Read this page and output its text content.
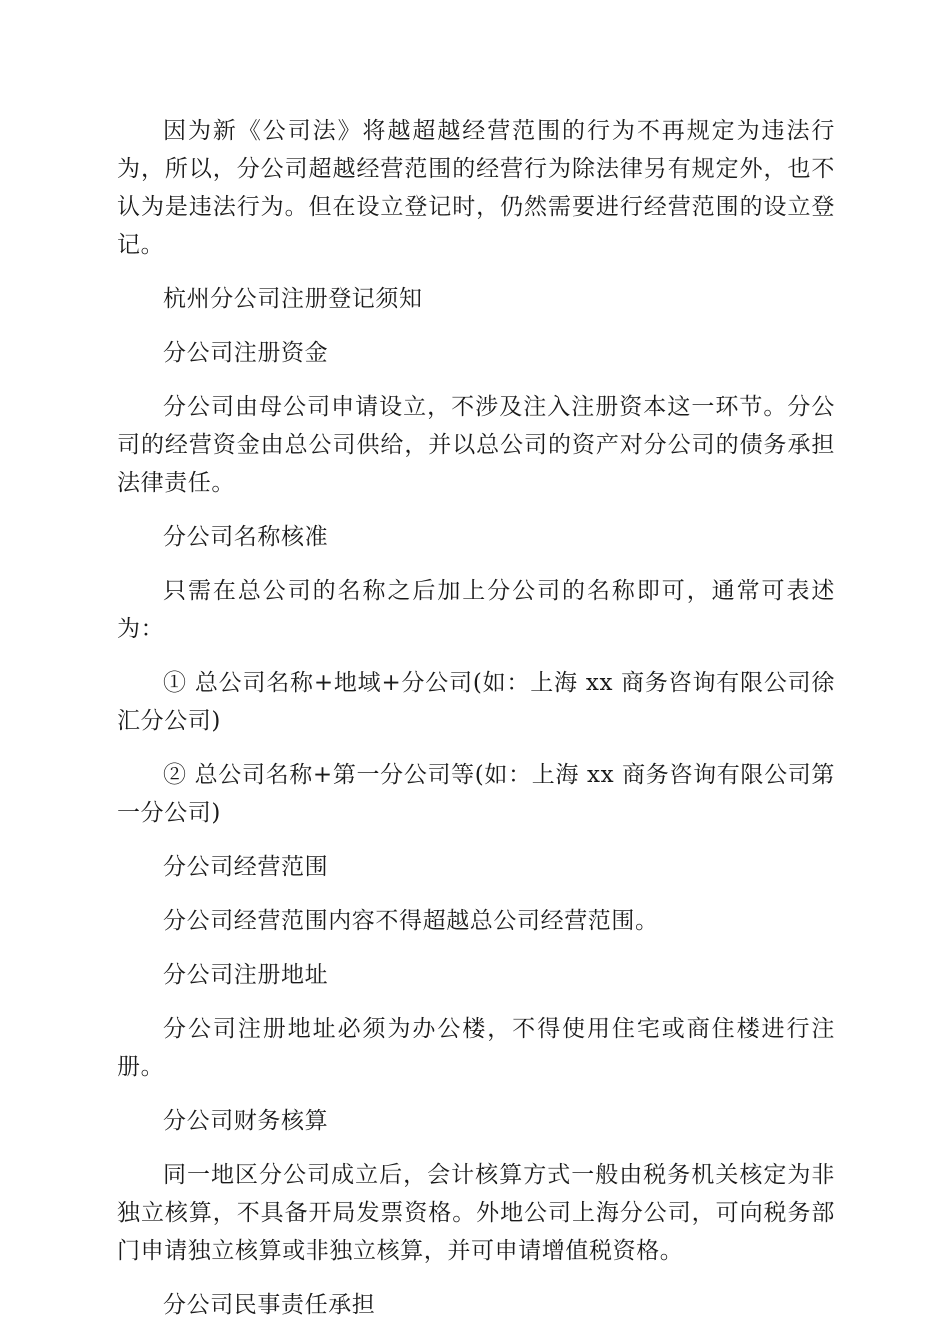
因为新《公司法》将越超越经营范围的行为不再规定为违法行为，所以，分公司超越经营范围的经营行为除法律另有规定外，也不认为是违法行为。但在设立登记时，仍然需要进行经营范围的设立登记。

杭州分公司注册登记须知

分公司注册资金

分公司由母公司申请设立，不涉及注入注册资本这一环节。分公司的经营资金由总公司供给，并以总公司的资产对分公司的债务承担法律责任。

分公司名称核准

只需在总公司的名称之后加上分公司的名称即可，通常可表述为：

① 总公司名称+地域+分公司(如：上海 xx 商务咨询有限公司徐汇分公司)

② 总公司名称+第一分公司等(如：上海 xx 商务咨询有限公司第一分公司)

分公司经营范围

分公司经营范围内容不得超越总公司经营范围。

分公司注册地址

分公司注册地址必须为办公楼，不得使用住宅或商住楼进行注册。

分公司财务核算

同一地区分公司成立后，会计核算方式一般由税务机关核定为非独立核算，不具备开局发票资格。外地公司上海分公司，可向税务部门申请独立核算或非独立核算，并可申请增值税资格。

分公司民事责任承担
